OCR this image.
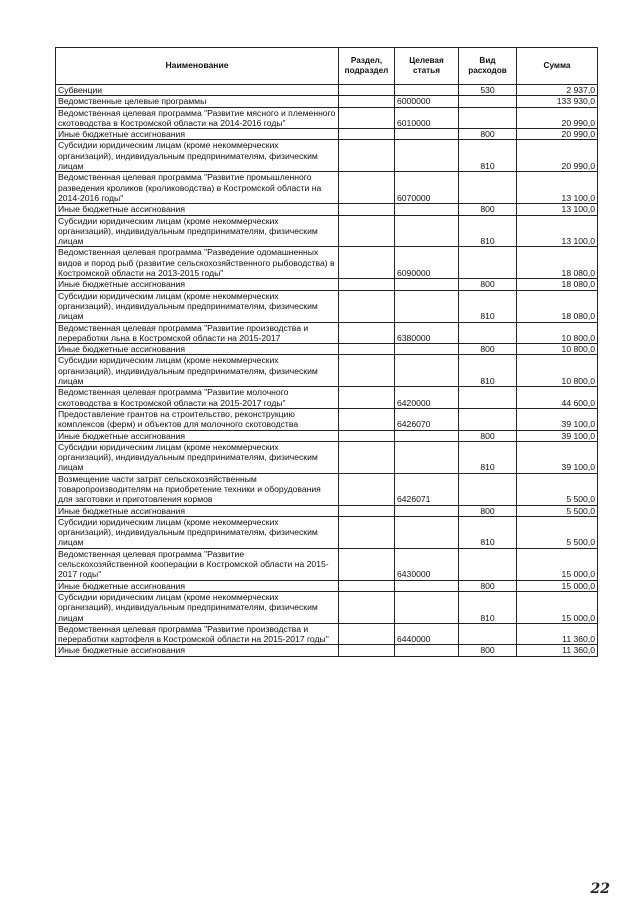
Наименование	Раздел, подраздел	Целевая статья	Вид расходов	Сумма
Субвенции			530	2 937,0
Ведомственные целевые программы		6000000		133 930,0
Ведомственная целевая программа "Развитие мясного и племенного скотоводства в Костромской области на 2014-2016 годы"		6010000		20 990,0
Иные бюджетные ассигнования			800	20 990,0
Субсидии юридическим лицам (кроме некоммерческих организаций), индивидуальным предпринимателям, физическим лицам			810	20 990,0
Ведомственная целевая программа "Развитие промышленного разведения кроликов (кролиководства) в Костромской области на 2014-2016 годы"		6070000		13 100,0
Иные бюджетные ассигнования			800	13 100,0
Субсидии юридическим лицам (кроме некоммерческих организаций), индивидуальным предпринимателям, физическим лицам			810	13 100,0
Ведомственная целевая программа "Разведение одомашненных видов и пород рыб (развитие сельскохозяйственного рыбоводства) в Костромской области на 2013-2015 годы"		6090000		18 080,0
Иные бюджетные ассигнования			800	18 080,0
Субсидии юридическим лицам (кроме некоммерческих организаций), индивидуальным предпринимателям, физическим лицам			810	18 080,0
Ведомственная целевая программа "Развитие производства и переработки льна в Костромской области на 2015-2017		6380000		10 800,0
Иные бюджетные ассигнования			800	10 800,0
Субсидии юридическим лицам (кроме некоммерческих организаций), индивидуальным предпринимателям, физическим лицам			810	10 800,0
Ведомственная целевая программа "Развитие молочного скотоводства в Костромской области на 2015-2017 годы"		6420000		44 600,0
Предоставление грантов на строительство, реконструкцию комплексов (ферм) и объектов для молочного скотоводства		6426070		39 100,0
Иные бюджетные ассигнования			800	39 100,0
Субсидии юридическим лицам (кроме некоммерческих организаций), индивидуальным предпринимателям, физическим лицам			810	39 100,0
Возмещение части затрат сельскохозяйственным товаропроизводителям на приобретение техники и оборудования для заготовки и приготовления кормов		6426071		5 500,0
Иные бюджетные ассигнования			800	5 500,0
Субсидии юридическим лицам (кроме некоммерческих организаций), индивидуальным предпринимателям, физическим лицам			810	5 500,0
Ведомственная целевая программа "Развитие сельскохозяйственной кооперации в Костромской области на 2015-2017 годы"		6430000		15 000,0
Иные бюджетные ассигнования			800	15 000,0
Субсидии юридическим лицам (кроме некоммерческих организаций), индивидуальным предпринимателям, физическим лицам			810	15 000,0
Ведомственная целевая программа "Развитие производства и переработки картофеля в Костромской области на 2015-2017 годы"		6440000		11 360,0
Иные бюджетные ассигнования			800	11 360,0
22
